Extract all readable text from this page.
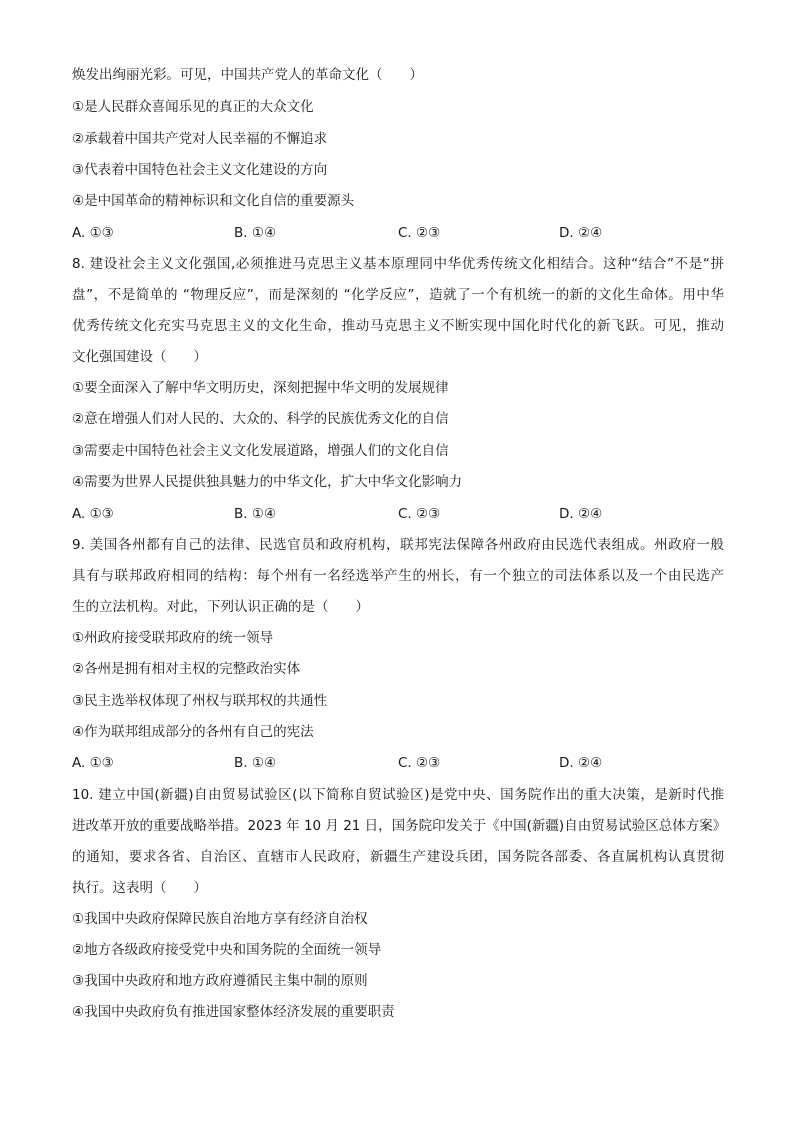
焕发出绚丽光彩。可见，中国共产党人的革命文化（　　）
①是人民群众喜闻乐见的真正的大众文化
②承载着中国共产党对人民幸福的不懈追求
③代表着中国特色社会主义文化建设的方向
④是中国革命的精神标识和文化自信的重要源头
A. ①③	B. ①④	C. ②③	D. ②④
8. 建设社会主义文化强国,必须推进马克思主义基本原理同中华优秀传统文化相结合。这种“结合”不是“拼
盘”，不是简单的 “物理反应”，而是深刻的 “化学反应”，造就了一个有机统一的新的文化生命体。用中华
优秀传统文化充实马克思主义的文化生命，推动马克思主义不断实现中国化时代化的新飞跃。可见，推动
文化强国建设（　　）
①要全面深入了解中华文明历史，深刻把握中华文明的发展规律
②意在增强人们对人民的、大众的、科学的民族优秀文化的自信
③需要走中国特色社会主义文化发展道路，增强人们的文化自信
④需要为世界人民提供独具魅力的中华文化，扩大中华文化影响力
A. ①③	B. ①④	C. ②③	D. ②④
9. 美国各州都有自己的法律、民选官员和政府机构，联邦宪法保障各州政府由民选代表组成。州政府一般
具有与联邦政府相同的结构：每个州有一名经选举产生的州长，有一个独立的司法体系以及一个由民选产
生的立法机构。对此，下列认识正确的是（　　）
①州政府接受联邦政府的统一领导
②各州是拥有相对主权的完整政治实体
③民主选举权体现了州权与联邦权的共通性
④作为联邦组成部分的各州有自己的宪法
A. ①③	B. ①④	C. ②③	D. ②④
10. 建立中国(新疆)自由贸易试验区(以下简称自贸试验区)是党中央、国务院作出的重大决策，是新时代推
进改革开放的重要战略举措。2023 年 10 月 21 日，国务院印发关于《中国(新疆)自由贸易试验区总体方案》
的通知，要求各省、自治区、直辖市人民政府，新疆生产建设兵团，国务院各部委、各直属机构认真贯彻
执行。这表明（　　）
①我国中央政府保障民族自治地方享有经济自治权
②地方各级政府接受党中央和国务院的全面统一领导
③我国中央政府和地方政府遵循民主集中制的原则
④我国中央政府负有推进国家整体经济发展的重要职责
